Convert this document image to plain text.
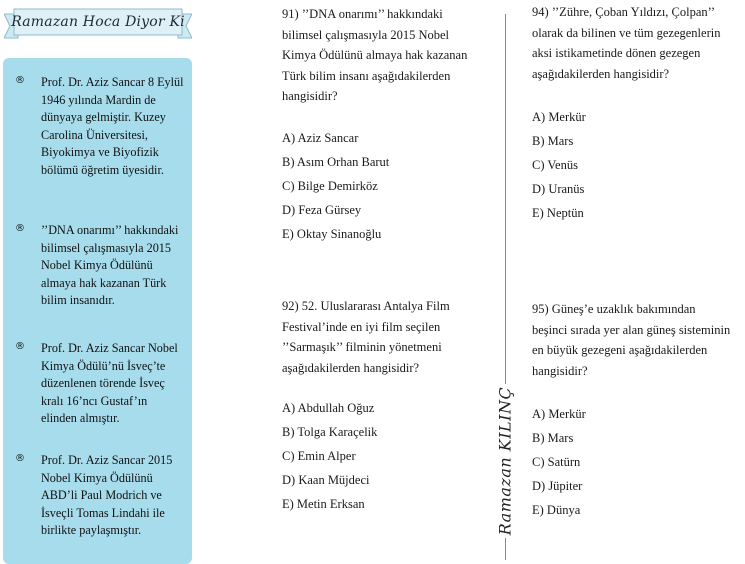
Ramazan Hoca Diyor Ki
® Prof. Dr. Aziz Sancar 8 Eylül 1946 yılında Mardin de dünyaya gelmiştir. Kuzey Carolina Üniversitesi, Biyokimya ve Biyofizik bölümü öğretim üyesidir.
® ’’DNA onarımı’’ hakkındaki bilimsel çalışmasıyla 2015 Nobel Kimya Ödülünü almaya hak kazanan Türk bilim insanıdır.
® Prof. Dr. Aziz Sancar Nobel Kimya Ödülü’nü İsveç’te düzenlenen törende İsveç kralı 16’ncı Gustaf’ın elinden almıştır.
® Prof. Dr. Aziz Sancar 2015 Nobel Kimya Ödülünü ABD’li Paul Modrich ve İsveçli Tomas Lindahi ile birlikte paylaşmıştır.

91) ’’DNA onarımı’’ hakkındaki bilimsel çalışmasıyla 2015 Nobel Kimya Ödülünü almaya hak kazanan Türk bilim insanı aşağıdakilerden hangisidir?

A) Aziz Sancar

B) Asım Orhan Barut

C) Bilge Demirköz

D) Feza Gürsey

E) Oktay Sinanoğlu

92) 52. Uluslararası Antalya Film Festival’inde en iyi film seçilen ’’Sarmaşık’’ filminin yönetmeni aşağıdakilerden hangisidir?

A) Abdullah Oğuz

B) Tolga Karaçelik

C) Emin Alper

D) Kaan Müjdeci

E) Metin Erksan	Ramazan KILINÇ

94) ’’Zühre, Çoban Yıldızı, Çolpan’’ olarak da bilinen ve tüm gezegenlerin aksi istikametinde dönen gezegen aşağıdakilerden hangisidir?

A) Merkür

B) Mars

C) Venüs

D) Uranüs

E) Neptün

95) Güneş’e uzaklık bakımından beşinci sırada yer alan güneş sisteminin en büyük gezegeni aşağıdakilerden hangisidir?

A) Merkür

B) Mars

C) Satürn

D) Jüpiter

E) Dünya
